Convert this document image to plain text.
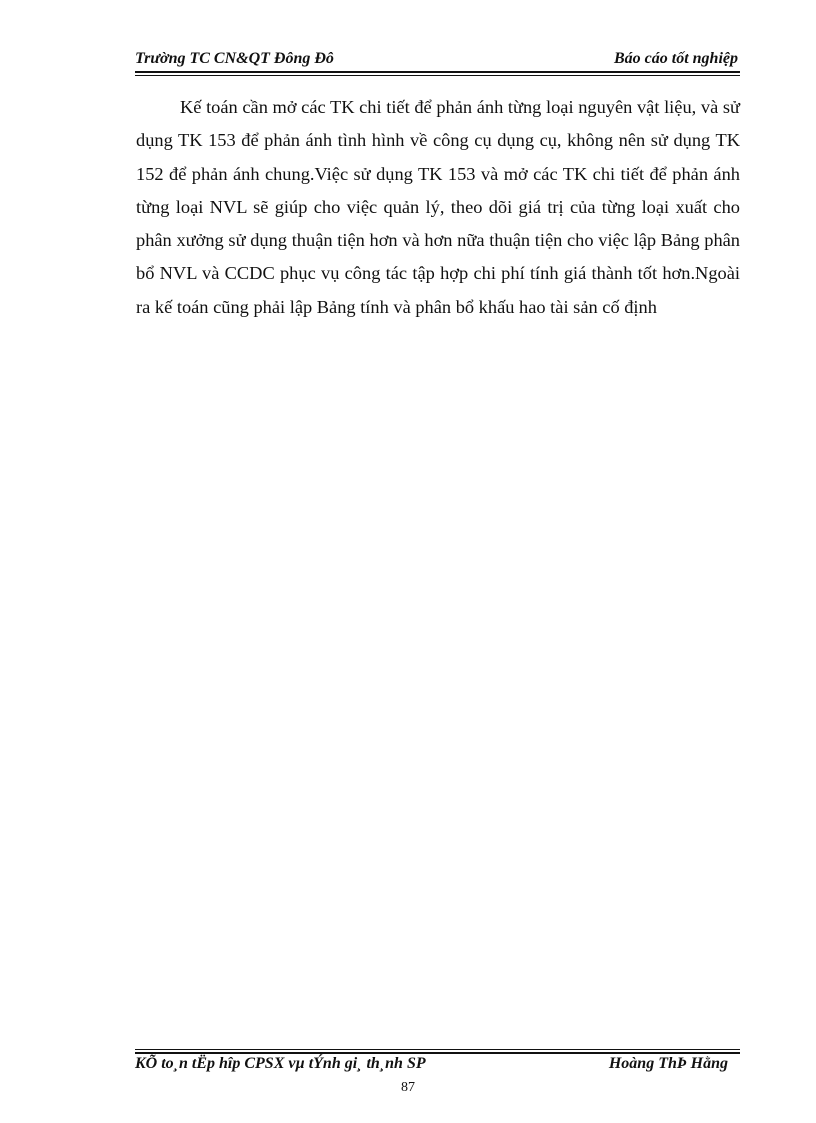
Trường TC CN&QT Đông Đô	Báo cáo tốt nghiệp
Kế toán cần mở các TK chi tiết để phản ánh từng loại nguyên vật liệu, và sử dụng TK 153 để phản ánh tình hình về công cụ dụng cụ, không nên sử dụng TK 152 để phản ánh chung.Việc sử dụng TK 153 và mở các TK chi tiết để phản ánh từng loại NVL sẽ giúp cho việc quản lý, theo dõi giá trị của từng loại xuất cho phân xưởng sử dụng thuận tiện hơn và hơn nữa thuận tiện cho việc lập Bảng phân bổ NVL và CCDC phục vụ công tác tập hợp chi phí tính giá thành tốt hơn.Ngoài ra kế toán cũng phải lập Bảng tính và phân bổ khấu hao tài sản cố định
KÕ to¸n tËp hîp CPSX vµ tÝnh gi¸ th¸nh SP	Hoàng ThÞ Hằng
87
